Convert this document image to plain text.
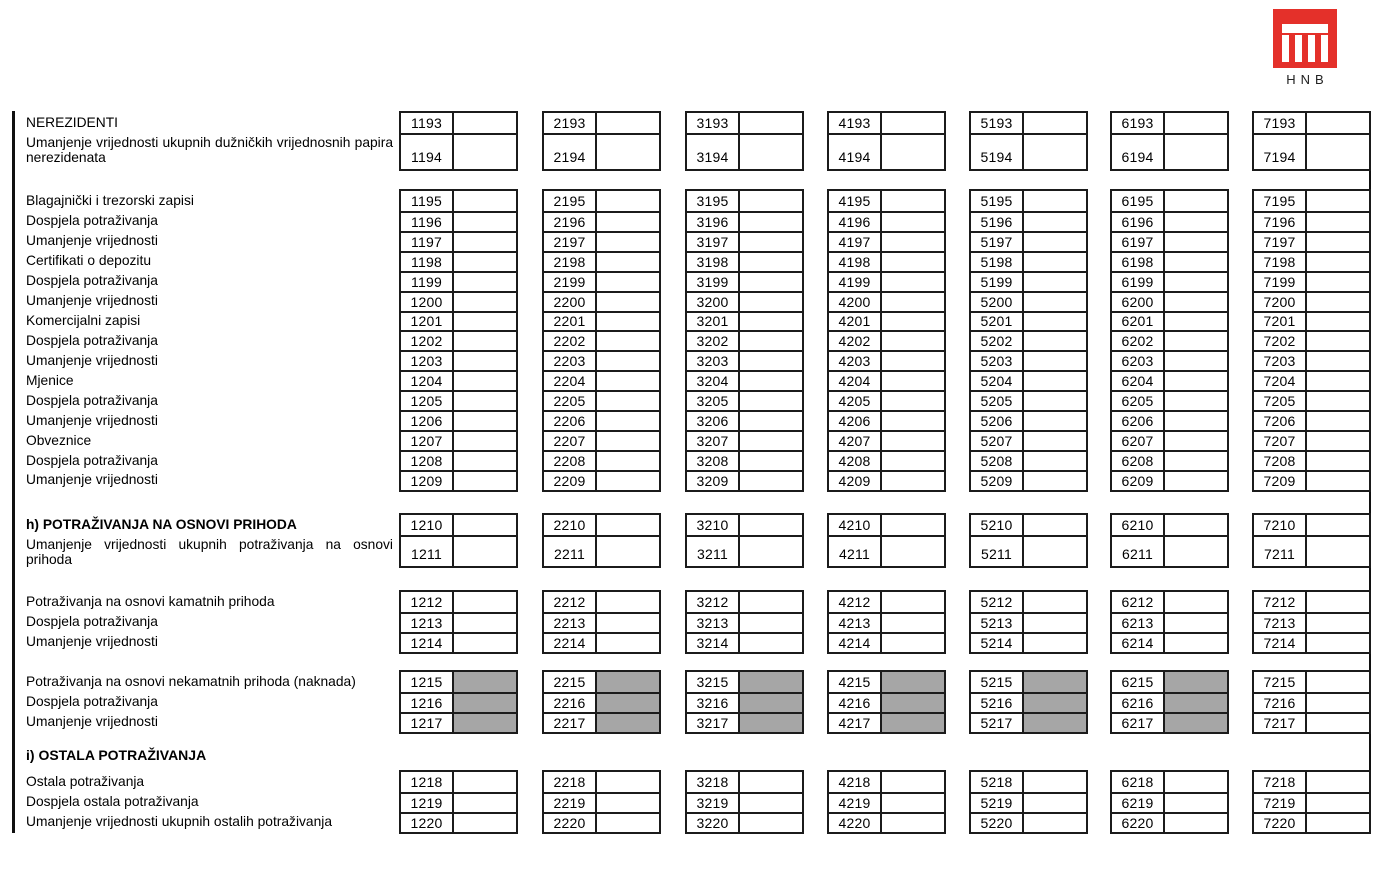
HNB
i) OSTALA POTRAŽIVANJA
NEREZIDENTI
Umanjenje vrijednosti ukupnih dužničkih vrijednosnih papira nerezidenata
Blagajnički i trezorski zapisi
Dospjela potraživanja
Umanjenje vrijednosti
Certifikati o depozitu
Dospjela potraživanja
Umanjenje vrijednosti
Komercijalni zapisi
Dospjela potraživanja
Umanjenje vrijednosti
Mjenice
Dospjela potraživanja
Umanjenje vrijednosti
Obveznice
Dospjela potraživanja
Umanjenje vrijednosti
h) POTRAŽIVANJA NA OSNOVI PRIHODA
Umanjenje vrijednosti ukupnih potraživanja na osnovi prihoda
Potraživanja na osnovi kamatnih prihoda
Dospjela potraživanja
Umanjenje vrijednosti
Potraživanja na osnovi nekamatnih prihoda (naknada)
Dospjela potraživanja
Umanjenje vrijednosti
Ostala potraživanja
Dospjela ostala potraživanja
Umanjenje vrijednosti ukupnih ostalih potraživanja
1193
1194
2193
2194
3193
3194
4193
4194
5193
5194
6193
6194
7193
7194
1195
1196
1197
1198
1199
1200
1201
1202
1203
1204
1205
1206
1207
1208
1209
2195
2196
2197
2198
2199
2200
2201
2202
2203
2204
2205
2206
2207
2208
2209
3195
3196
3197
3198
3199
3200
3201
3202
3203
3204
3205
3206
3207
3208
3209
4195
4196
4197
4198
4199
4200
4201
4202
4203
4204
4205
4206
4207
4208
4209
5195
5196
5197
5198
5199
5200
5201
5202
5203
5204
5205
5206
5207
5208
5209
6195
6196
6197
6198
6199
6200
6201
6202
6203
6204
6205
6206
6207
6208
6209
7195
7196
7197
7198
7199
7200
7201
7202
7203
7204
7205
7206
7207
7208
7209
1210
1211
2210
2211
3210
3211
4210
4211
5210
5211
6210
6211
7210
7211
1212
1213
1214
2212
2213
2214
3212
3213
3214
4212
4213
4214
5212
5213
5214
6212
6213
6214
7212
7213
7214
1215
1216
1217
2215
2216
2217
3215
3216
3217
4215
4216
4217
5215
5216
5217
6215
6216
6217
7215
7216
7217
1218
1219
1220
2218
2219
2220
3218
3219
3220
4218
4219
4220
5218
5219
5220
6218
6219
6220
7218
7219
7220
